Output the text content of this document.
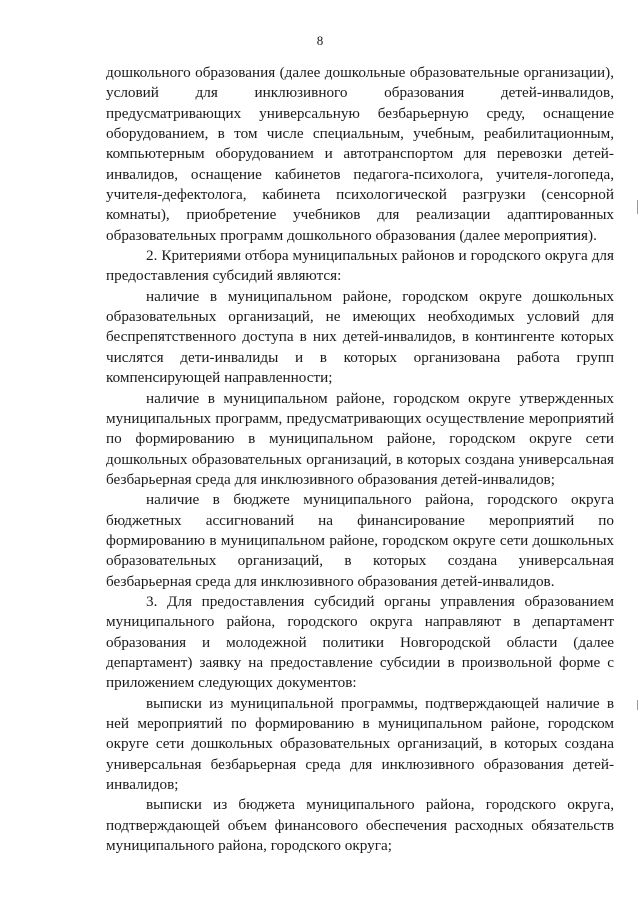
8

дошкольного образования (далее дошкольные образовательные организации), условий для инклюзивного образования детей-инвалидов, предусматривающих универсальную безбарьерную среду, оснащение оборудованием, в том числе специальным, учебным, реабилитационным, компьютерным оборудованием и автотранспортом для перевозки детей-инвалидов, оснащение кабинетов педагога-психолога, учителя-логопеда, учителя-дефектолога, кабинета психологической разгрузки (сенсорной комнаты), приобретение учебников для реализации адаптированных образовательных программ дошкольного образования (далее мероприятия).

2. Критериями отбора муниципальных районов и городского округа для предоставления субсидий являются:

наличие в муниципальном районе, городском округе дошкольных образовательных организаций, не имеющих необходимых условий для беспрепятственного доступа в них детей-инвалидов, в контингенте которых числятся дети-инвалиды и в которых организована работа групп компенсирующей направленности;

наличие в муниципальном районе, городском округе утвержденных муниципальных программ, предусматривающих осуществление мероприятий по формированию в муниципальном районе, городском округе сети дошкольных образовательных организаций, в которых создана универсальная безбарьерная среда для инклюзивного образования детей-инвалидов;

наличие в бюджете муниципального района, городского округа бюджетных ассигнований на финансирование мероприятий по формированию в муниципальном районе, городском округе сети дошкольных образовательных организаций, в которых создана универсальная безбарьерная среда для инклюзивного образования детей-инвалидов.

3. Для предоставления субсидий органы управления образованием муниципального района, городского округа направляют в департамент образования и молодежной политики Новгородской области (далее департамент) заявку на предоставление субсидии в произвольной форме с приложением следующих документов:

выписки из муниципальной программы, подтверждающей наличие в ней мероприятий по формированию в муниципальном районе, городском округе сети дошкольных образовательных организаций, в которых создана универсальная безбарьерная среда для инклюзивного образования детей-инвалидов;

выписки из бюджета муниципального района, городского округа, подтверждающей объем финансового обеспечения расходных обязательств муниципального района, городского округа;
